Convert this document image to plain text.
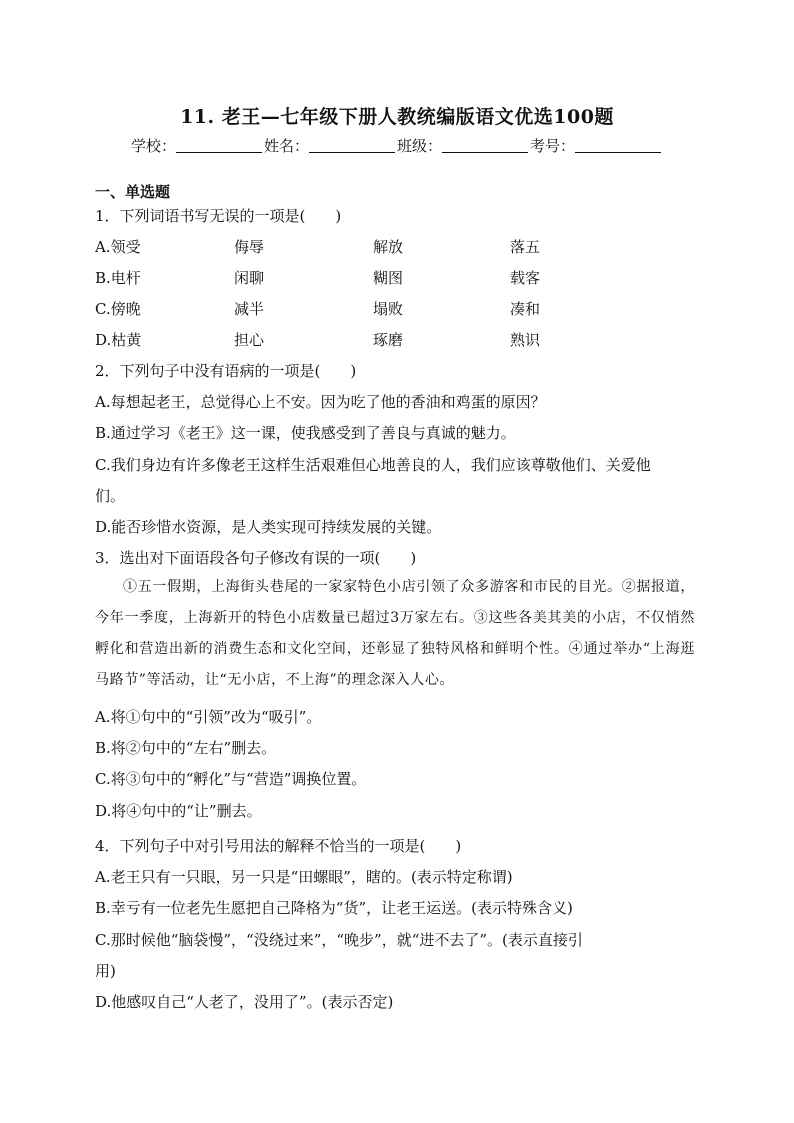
11. 老王—七年级下册人教统编版语文优选100题
学校：	姓名：	班级：	考号：
一、单选题
1．下列词语书写无误的一项是(　　)
A.领受	侮辱	解放	落五
B.电杆	闲聊	糊图	载客
C.傍晚	减半	塌败	凑和
D.枯黄	担心	琢磨	熟识
2．下列句子中没有语病的一项是(　　)
A.每想起老王，总觉得心上不安。因为吃了他的香油和鸡蛋的原因？
B.通过学习《老王》这一课，使我感受到了善良与真诚的魅力。
C.我们身边有许多像老王这样生活艰难但心地善良的人，我们应该尊敬他们、关爱他
们。
D.能否珍惜水资源，是人类实现可持续发展的关键。
3．选出对下面语段各句子修改有误的一项(　　)
①五一假期，上海街头巷尾的一家家特色小店引领了众多游客和市民的目光。②据报道，今年一季度，上海新开的特色小店数量已超过3万家左右。③这些各美其美的小店，不仅悄然孵化和营造出新的消费生态和文化空间，还彰显了独特风格和鲜明个性。④通过举办“上海逛马路节”等活动，让“无小店，不上海”的理念深入人心。
A.将①句中的“引领”改为“吸引”。
B.将②句中的“左右”删去。
C.将③句中的“孵化”与“营造”调换位置。
D.将④句中的“让”删去。
4．下列句子中对引号用法的解释不恰当的一项是(　　)
A.老王只有一只眼，另一只是“田螺眼”，瞎的。(表示特定称谓)
B.幸亏有一位老先生愿把自己降格为“货”，让老王运送。(表示特殊含义)
C.那时候他“脑袋慢”，“没绕过来”，“晚步”，就“进不去了”。(表示直接引
用)
D.他感叹自己“人老了，没用了”。(表示否定)
